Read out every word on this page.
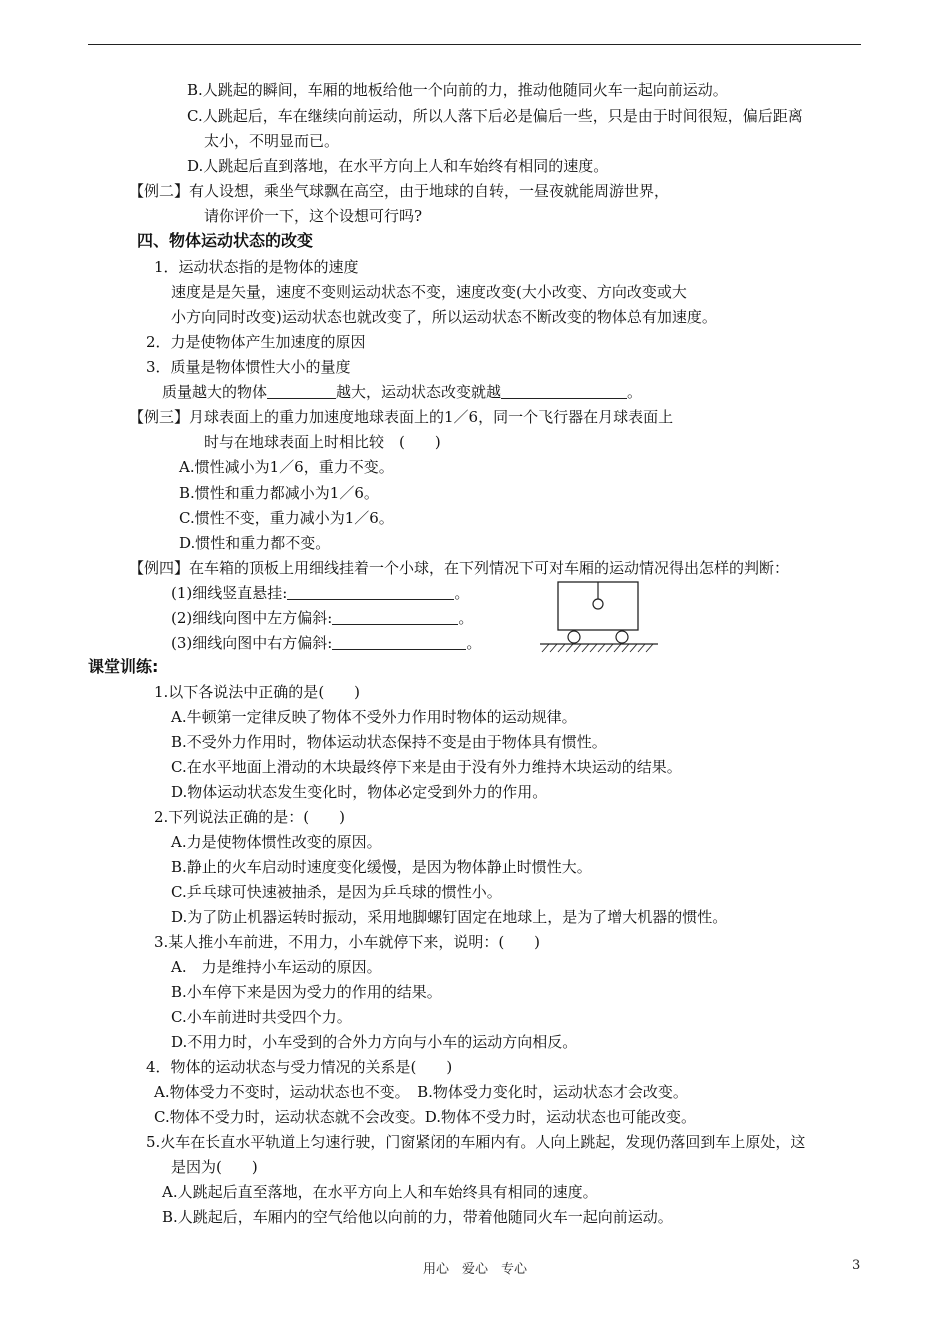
B.人跳起的瞬间，车厢的地板给他一个向前的力，推动他随同火车一起向前运动。
C.人跳起后，车在继续向前运动，所以人落下后必是偏后一些，只是由于时间很短，偏后距离
太小，不明显而已。
D.人跳起后直到落地，在水平方向上人和车始终有相同的速度。
【例二】有人设想，乘坐气球飘在高空，由于地球的自转，一昼夜就能周游世界，
请你评价一下，这个设想可行吗?
四、物体运动状态的改变
1．运动状态指的是物体的速度
速度是是矢量，速度不变则运动状态不变，速度改变(大小改变、方向改变或大
小方向同时改变)运动状态也就改变了，所以运动状态不断改变的物体总有加速度。
2．力是使物体产生加速度的原因
3．质量是物体惯性大小的量度
质量越大的物体	越大，运动状态改变就越	。
【例三】月球表面上的重力加速度地球表面上的1／6，同一个飞行器在月球表面上
时与在地球表面上时相比较　(　　)
A.惯性减小为1／6，重力不变。
B.惯性和重力都减小为1／6。
C.惯性不变，重力减小为1／6。
D.惯性和重力都不变。
【例四】在车箱的顶板上用细线挂着一个小球，在下列情况下可对车厢的运动情况得出怎样的判断：
(1)细线竖直悬挂:	。
(2)细线向图中左方偏斜:	。
(3)细线向图中右方偏斜:	。
课堂训练:
1.以下各说法中正确的是(　　)
A.牛顿第一定律反映了物体不受外力作用时物体的运动规律。
B.不受外力作用时，物体运动状态保持不变是由于物体具有惯性。
C.在水平地面上滑动的木块最终停下来是由于没有外力维持木块运动的结果。
D.物体运动状态发生变化时，物体必定受到外力的作用。
2.下列说法正确的是：(　　)
A.力是使物体惯性改变的原因。
B.静止的火车启动时速度变化缓慢，是因为物体静止时惯性大。
C.乒乓球可快速被抽杀，是因为乒乓球的惯性小。
D.为了防止机器运转时振动，采用地脚螺钉固定在地球上，是为了增大机器的惯性。
3.某人推小车前进，不用力，小车就停下来，说明：(　　)
A.　力是维持小车运动的原因。
B.小车停下来是因为受力的作用的结果。
C.小车前进时共受四个力。
D.不用力时，小车受到的合外力方向与小车的运动方向相反。
4．物体的运动状态与受力情况的关系是(　　)
A.物体受力不变时，运动状态也不变。　B.物体受力变化时，运动状态才会改变。
C.物体不受力时，运动状态就不会改变。D.物体不受力时，运动状态也可能改变。
5.火车在长直水平轨道上匀速行驶，门窗紧闭的车厢内有。人向上跳起，发现仍落回到车上原处，这
是因为(　　)
A.人跳起后直至落地，在水平方向上人和车始终具有相同的速度。
B.人跳起后，车厢内的空气给他以向前的力，带着他随同火车一起向前运动。
用心　爱心　专心	3
